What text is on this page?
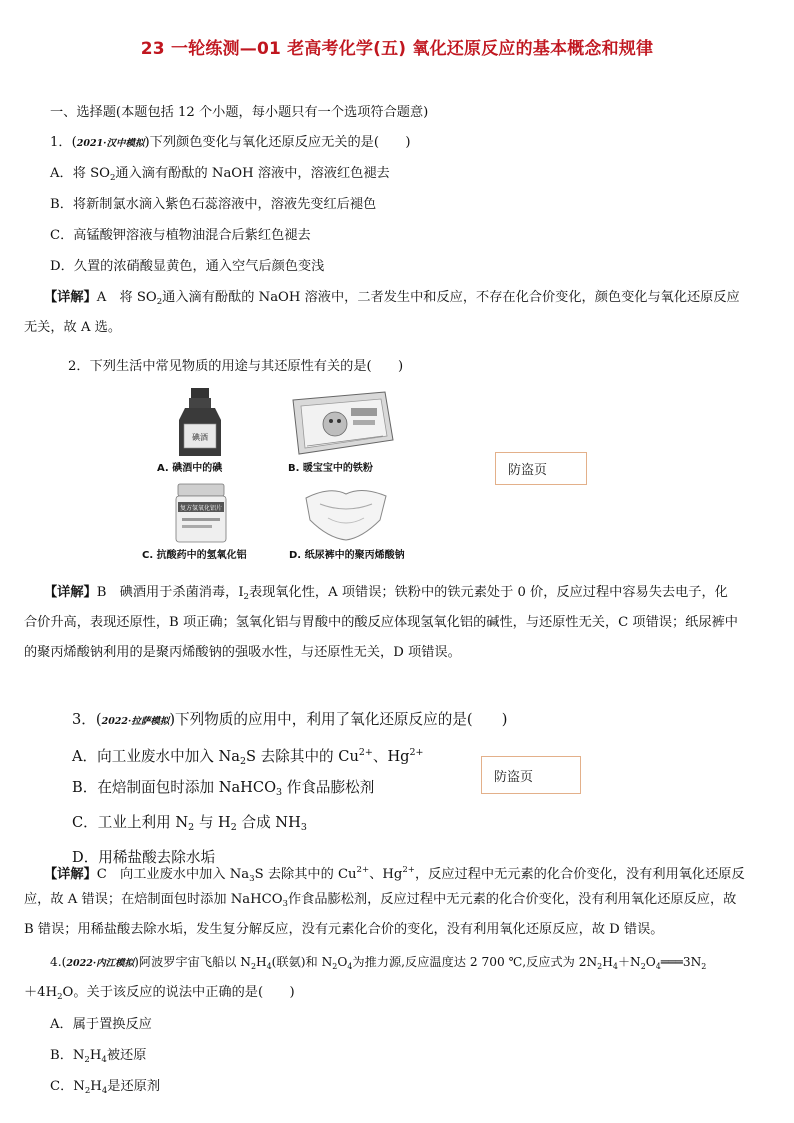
23 一轮练测—01 老高考化学(五) 氧化还原反应的基本概念和规律
一、选择题(本题包括 12 个小题，每小题只有一个选项符合题意)
1．(2021·汉中模拟)下列颜色变化与氧化还原反应无关的是(　　)
A．将 $SO_2$通入滴有酚酞的 NaOH 溶液中，溶液红色褪去
B．将新制氯水滴入紫色石蕊溶液中，溶液先变红后褪色
C．高锰酸钾溶液与植物油混合后紫红色褪去
D．久置的浓硝酸显黄色，通入空气后颜色变浅
【详解】A　将 $SO_2$通入滴有酚酞的 NaOH 溶液中，二者发生中和反应，不存在化合价变化，颜色变化与氧化还原反应
无关，故 A 选。
2．下列生活中常见物质的用途与其还原性有关的是(　　)
碘酒
A. 碘酒中的碘	B. 暖宝宝中的铁粉
复方氢氧化铝片
C. 抗酸药中的氢氧化铝	D. 纸尿裤中的聚丙烯酸钠
防盗页
【详解】B　碘酒用于杀菌消毒，$I_2$表现氧化性，A 项错误；铁粉中的铁元素处于 0 价，反应过程中容易失去电子，化
合价升高，表现还原性，B 项正确；氢氧化铝与胃酸中的酸反应体现氢氧化铝的碱性，与还原性无关，C 项错误；纸尿裤中
的聚丙烯酸钠利用的是聚丙烯酸钠的强吸水性，与还原性无关，D 项错误。
3．(2022·拉萨模拟)下列物质的应用中，利用了氧化还原反应的是(　　)
A．向工业废水中加入 $Na_2S$ 去除其中的 $Cu^{2+}$、$Hg^{2+}$
B．在焙制面包时添加 NaHCO$_3$ 作食品膨松剂
C．工业上利用 $N_2$ 与 $H_2$ 合成 $NH_3$
D．用稀盐酸去除水垢
防盗页
【详解】C　向工业废水中加入 $Na_3S$ 去除其中的 $Cu^{2+}$、$Hg^{2+}$，反应过程中无元素的化合价变化，没有利用氧化还原反
应，故 A 错误；在焙制面包时添加 NaHCO$_3$作食品膨松剂，反应过程中无元素的化合价变化，没有利用氧化还原反应，故
B 错误；用稀盐酸去除水垢，发生复分解反应，没有元素化合价的变化，没有利用氧化还原反应，故 D 错误。
4.(2022·内江模拟)阿波罗宇宙飞船以 $N_2H_4$(联氨)和 $N_2O_4$为推力源,反应温度达 2 700 ℃,反应式为 $2N_2H_4+N_2O_4═══3N_2$
$+4H_2O$。关于该反应的说法中正确的是(　　)
A．属于置换反应
B．$N_2H_4$被还原
C．$N_2H_4$是还原剂
